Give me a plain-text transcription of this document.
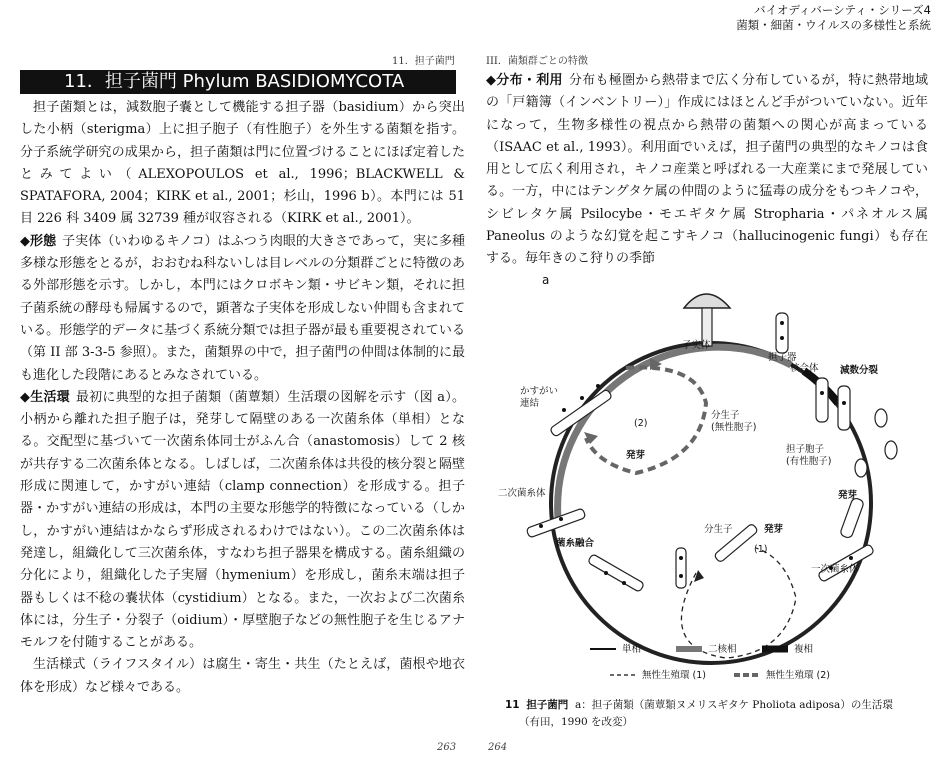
バイオディバーシティ・シリーズ4
菌類・細菌・ウイルスの多様性と系統
11．担子菌門
11．担子菌門 Phylum BASIDIOMYCOTA

担子菌類とは，減数胞子嚢として機能する担子器（basidium）から突出した小柄（sterigma）上に担子胞子（有性胞子）を外生する菌類を指す。分子系統学研究の成果から，担子菌類は門に位置づけることにほぼ定着したとみてよい（ALEXOPOULOS et al., 1996；BLACKWELL & SPATAFORA, 2004；KIRK et al., 2001；杉山，1996 b）。本門には 51 目 226 科 3409 属 32739 種が収容される（KIRK et al., 2001）。

◆形態 子実体（いわゆるキノコ）はふつう肉眼的大きさであって，実に多種多様な形態をとるが，おおむね科ないしは目レベルの分類群ごとに特徴のある外部形態を示す。しかし，本門にはクロボキン類・サビキン類，それに担子菌系統の酵母も帰属するので，顕著な子実体を形成しない仲間も含まれている。形態学的データに基づく系統分類では担子器が最も重要視されている（第 II 部 3-3-5 参照）。また，菌類界の中で，担子菌門の仲間は体制的に最も進化した段階にあるとみなされている。

◆生活環 最初に典型的な担子菌類（菌蕈類）生活環の図解を示す（図 a）。小柄から離れた担子胞子は，発芽して隔壁のある一次菌糸体（単相）となる。交配型に基づいて一次菌糸体同士がふん合（anastomosis）して 2 核が共存する二次菌糸体となる。しばしば，二次菌糸体は共役的核分裂と隔壁形成に関連して，かすがい連結（clamp connection）を形成する。担子器・かすがい連結の形成は，本門の主要な形態学的特徴になっている（しかし，かすがい連結はかならず形成されるわけではない）。この二次菌糸体は発達し，組織化して三次菌糸体，すなわち担子器果を構成する。菌糸組織の分化により，組織化した子実層（hymenium）を形成し，菌糸末端は担子器もしくは不稔の嚢状体（cystidium）となる。また，一次および二次菌糸体には，分生子・分裂子（oidium）・厚壁胞子などの無性胞子を生じるアナモルフを付随することがある。

生活様式（ライフスタイル）は腐生・寄生・共生（たとえば，菌根や地衣体を形成）など様々である。

263
III．菌類群ごとの特徴

◆分布・利用 分布も極圏から熱帯まで広く分布しているが，特に熱帯地域の「戸籍簿（インベントリー）」作成にはほとんど手がついていない。近年になって，生物多様性の視点から熱帯の菌類への関心が高まっている（ISAAC et al., 1993）。利用面でいえば，担子菌門の典型的なキノコは食用として広く利用され，キノコ産業と呼ばれる一大産業にまで発展している。一方，中にはテングタケ属の仲間のように猛毒の成分をもつキノコや，シビレタケ属 Psilocybe・モエギタケ属 Stropharia・パネオルス属 Paneolus のような幻覚を起こすキノコ（hallucinogenic fungi）も存在する。毎年きのこ狩りの季節

a
子実体
担子器
核合体 減数分裂
かすがい連結
(2)
分生子(無性胞子)
発芽
担子胞子(有性胞子)
発芽
二次菌糸体
分生子	発芽
菌糸融合
(1)
一次菌糸体
単相	二核相	複相
無性生殖環 (1)	無性生殖環 (2)
11 担子菌門 a：担子菌類（菌蕈類ヌメリスギタケ Pholiota adiposa）の生活環
（有田，1990 を改変）
264
